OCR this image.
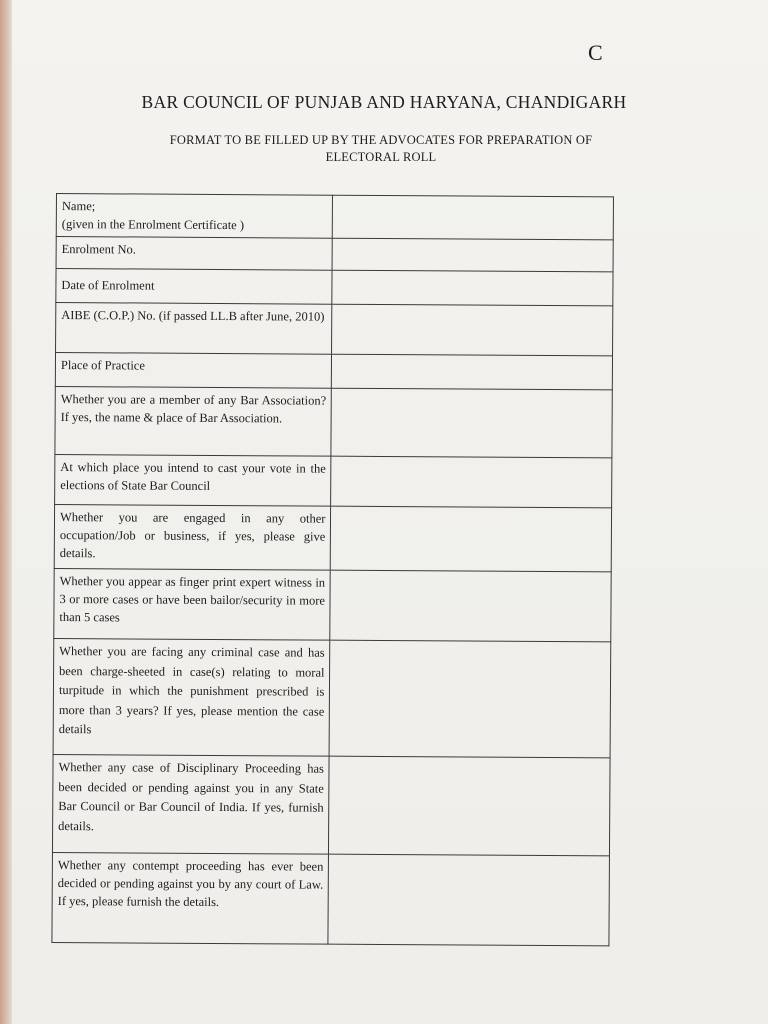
C
BAR COUNCIL OF PUNJAB AND HARYANA, CHANDIGARH
FORMAT TO BE FILLED UP BY THE ADVOCATES FOR PREPARATION OF
ELECTORAL ROLL
Name;
(given in the Enrolment Certificate )	

Enrolment No.	
Date of Enrolment	
AIBE (C.O.P.) No. (if passed LL.B after June, 2010)	
Place of Practice	
Whether you are a member of any Bar Association? If yes, the name & place of Bar Association.	
At which place you intend to cast your vote in the elections of State Bar Council	
Whether you are engaged in any other occupation/Job or business, if yes, please give details.	
Whether you appear as finger print expert witness in 3 or more cases or have been bailor/security in more than 5 cases	
Whether you are facing any criminal case and has been charge-sheeted in case(s) relating to moral turpitude in which the punishment prescribed is more than 3 years? If yes, please mention the case details	
Whether any case of Disciplinary Proceeding has been decided or pending against you in any State Bar Council or Bar Council of India. If yes, furnish details.	
Whether any contempt proceeding has ever been decided or pending against you by any court of Law. If yes, please furnish the details.	
